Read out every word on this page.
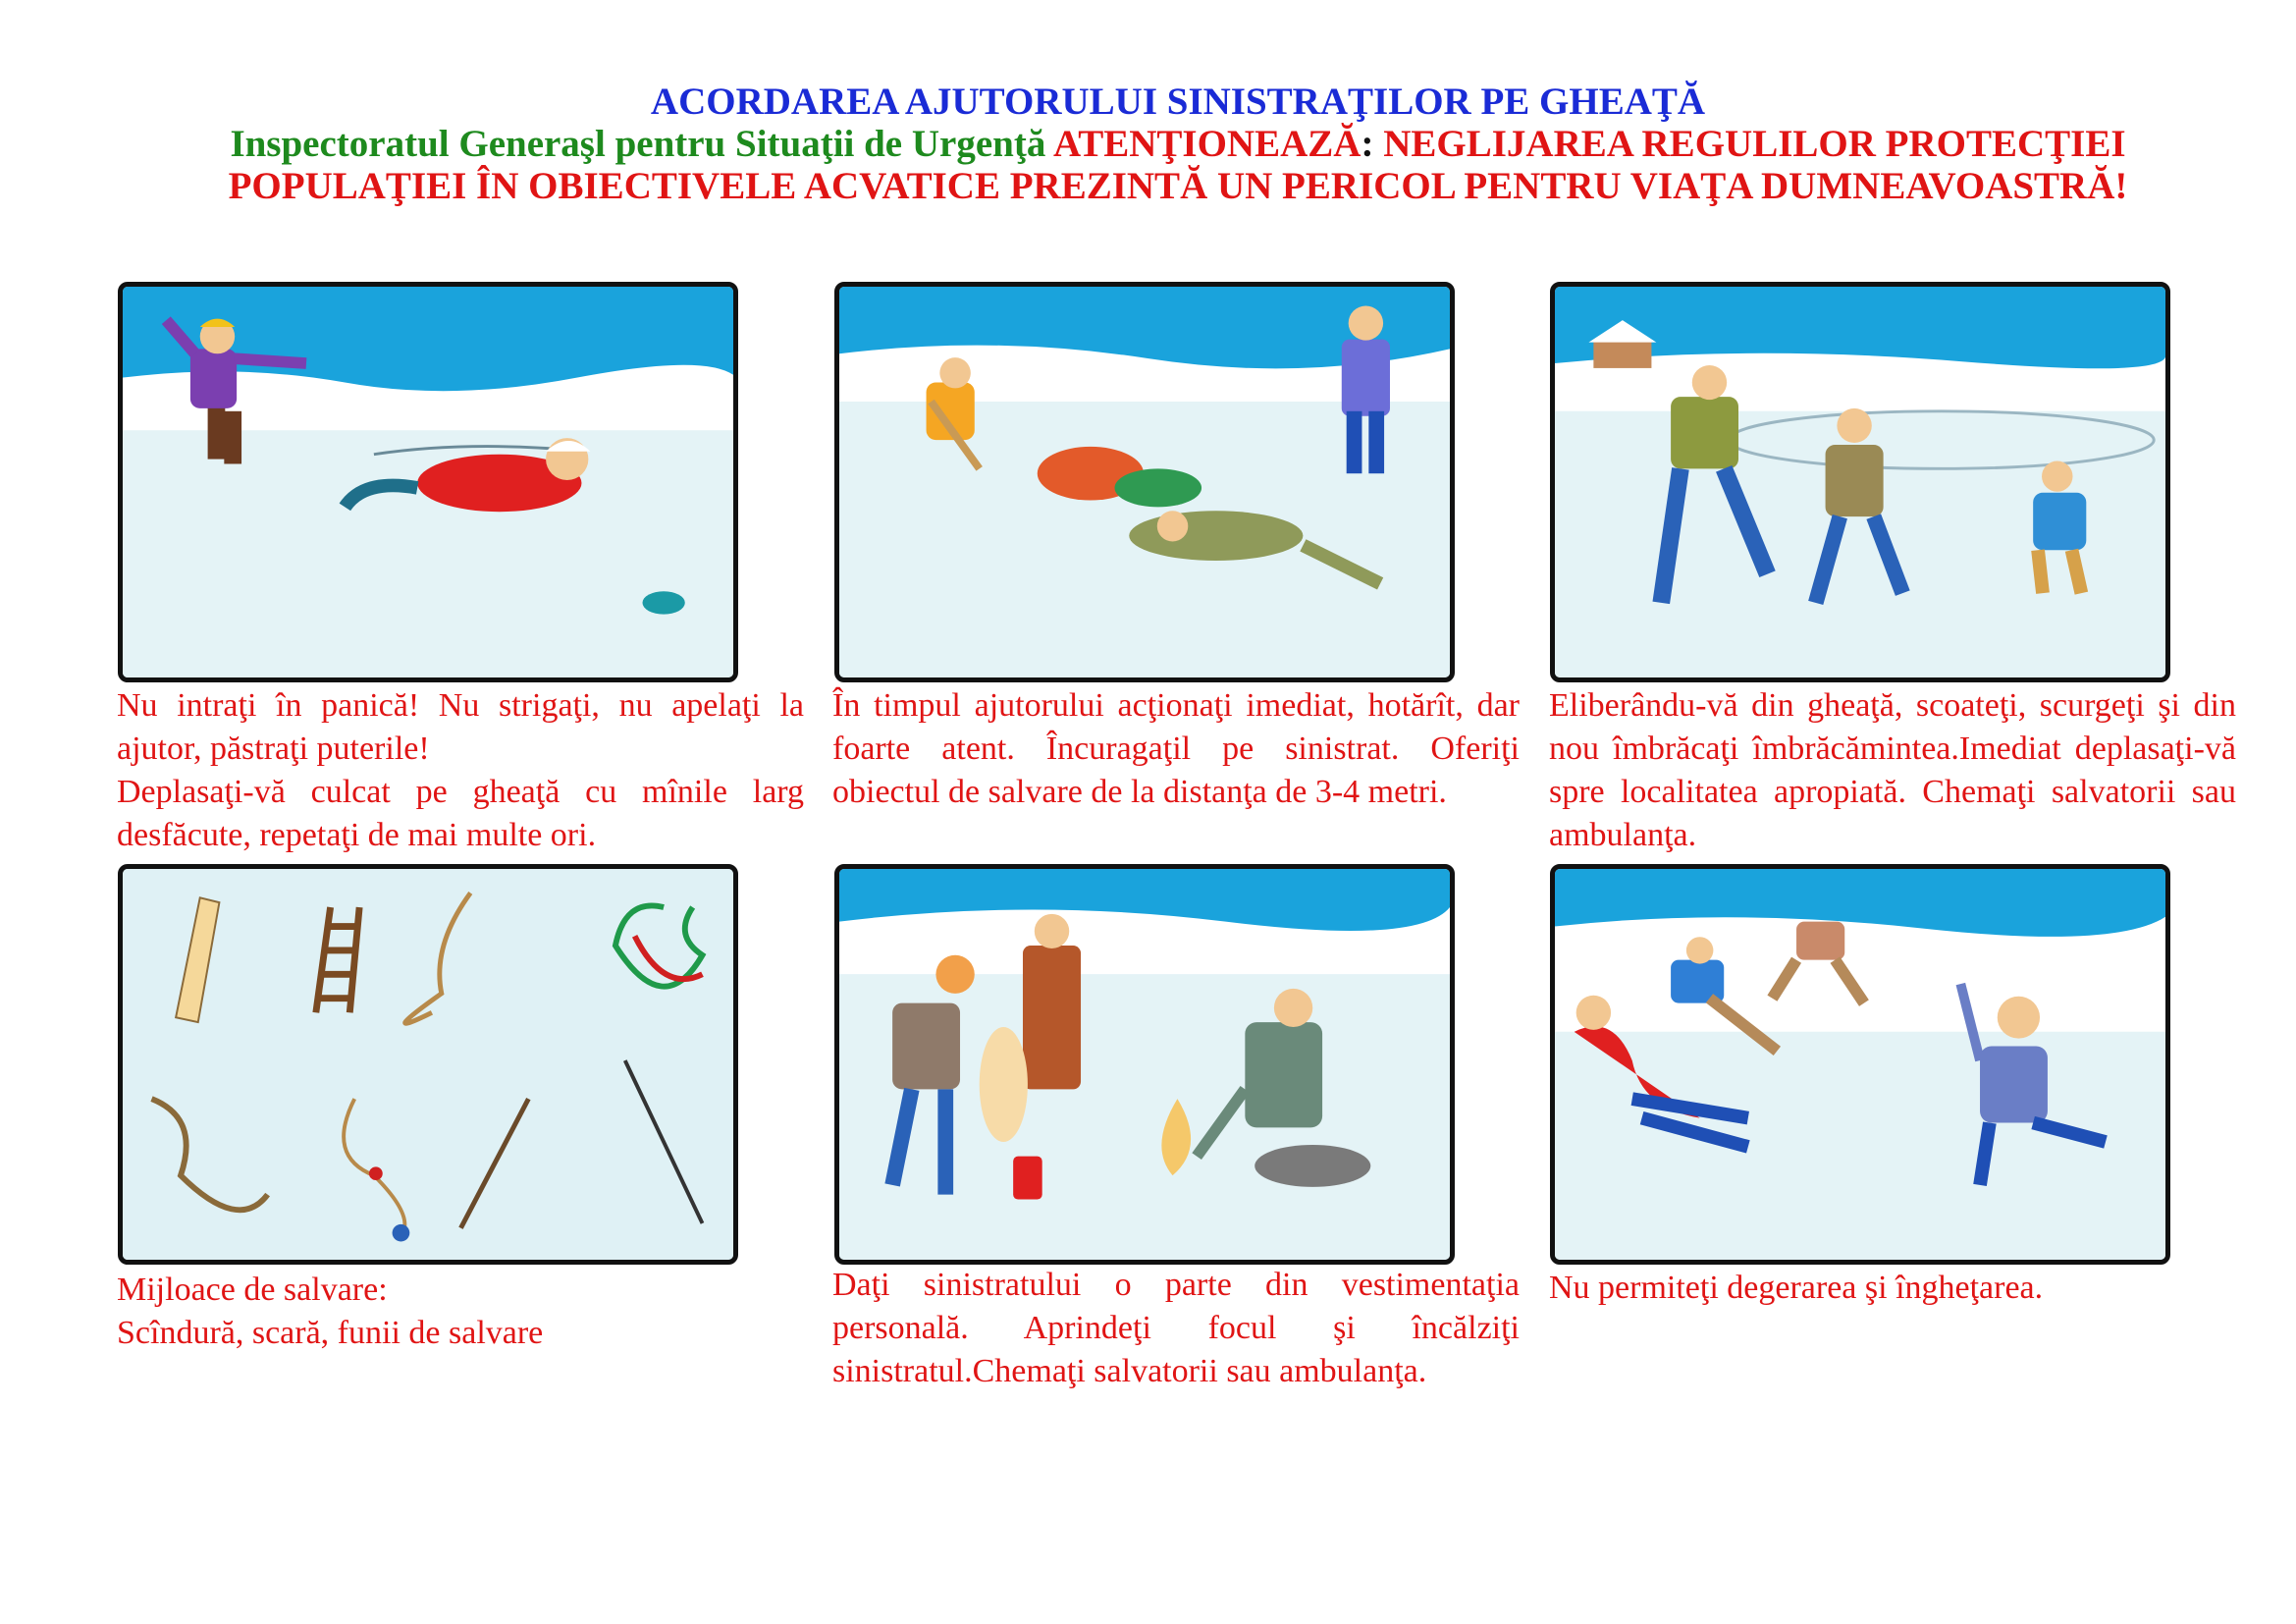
ACORDAREA AJUTORULUI SINISTRAŢILOR PE GHEAŢĂ
Inspectoratul Generaşl pentru Situaţii de Urgenţă ATENŢIONEAZĂ: NEGLIJAREA REGULILOR PROTECŢIEI POPULAŢIEI ÎN OBIECTIVELE ACVATICE PREZINTĂ UN PERICOL PENTRU VIAŢA DUMNEAVOASTRĂ!

Nu intraţi în panică! Nu strigaţi, nu apelaţi la ajutor, păstraţi puterile!

Deplasaţi-vă culcat pe gheaţă cu mînile larg desfăcute, repetaţi de mai multe ori.

În timpul ajutorului acţionaţi imediat, hotărît, dar foarte atent. Încuragaţil pe sinistrat. Oferiţi obiectul de salvare de la distanţa de 3-4 metri.

Eliberându-vă din gheaţă, scoateţi, scurgeţi şi din nou îmbrăcaţi îmbrăcămintea.Imediat deplasaţi-vă spre localitatea apropiată. Chemaţi salvatorii sau ambulanţa.

Mijloace de salvare:

Scîndură, scară, funii de salvare

Daţi sinistratului o parte din vestimentaţia personală. Aprindeţi focul şi încălziţi sinistratul.Chemaţi salvatorii sau ambulanţa.

Nu permiteţi degerarea şi îngheţarea.
